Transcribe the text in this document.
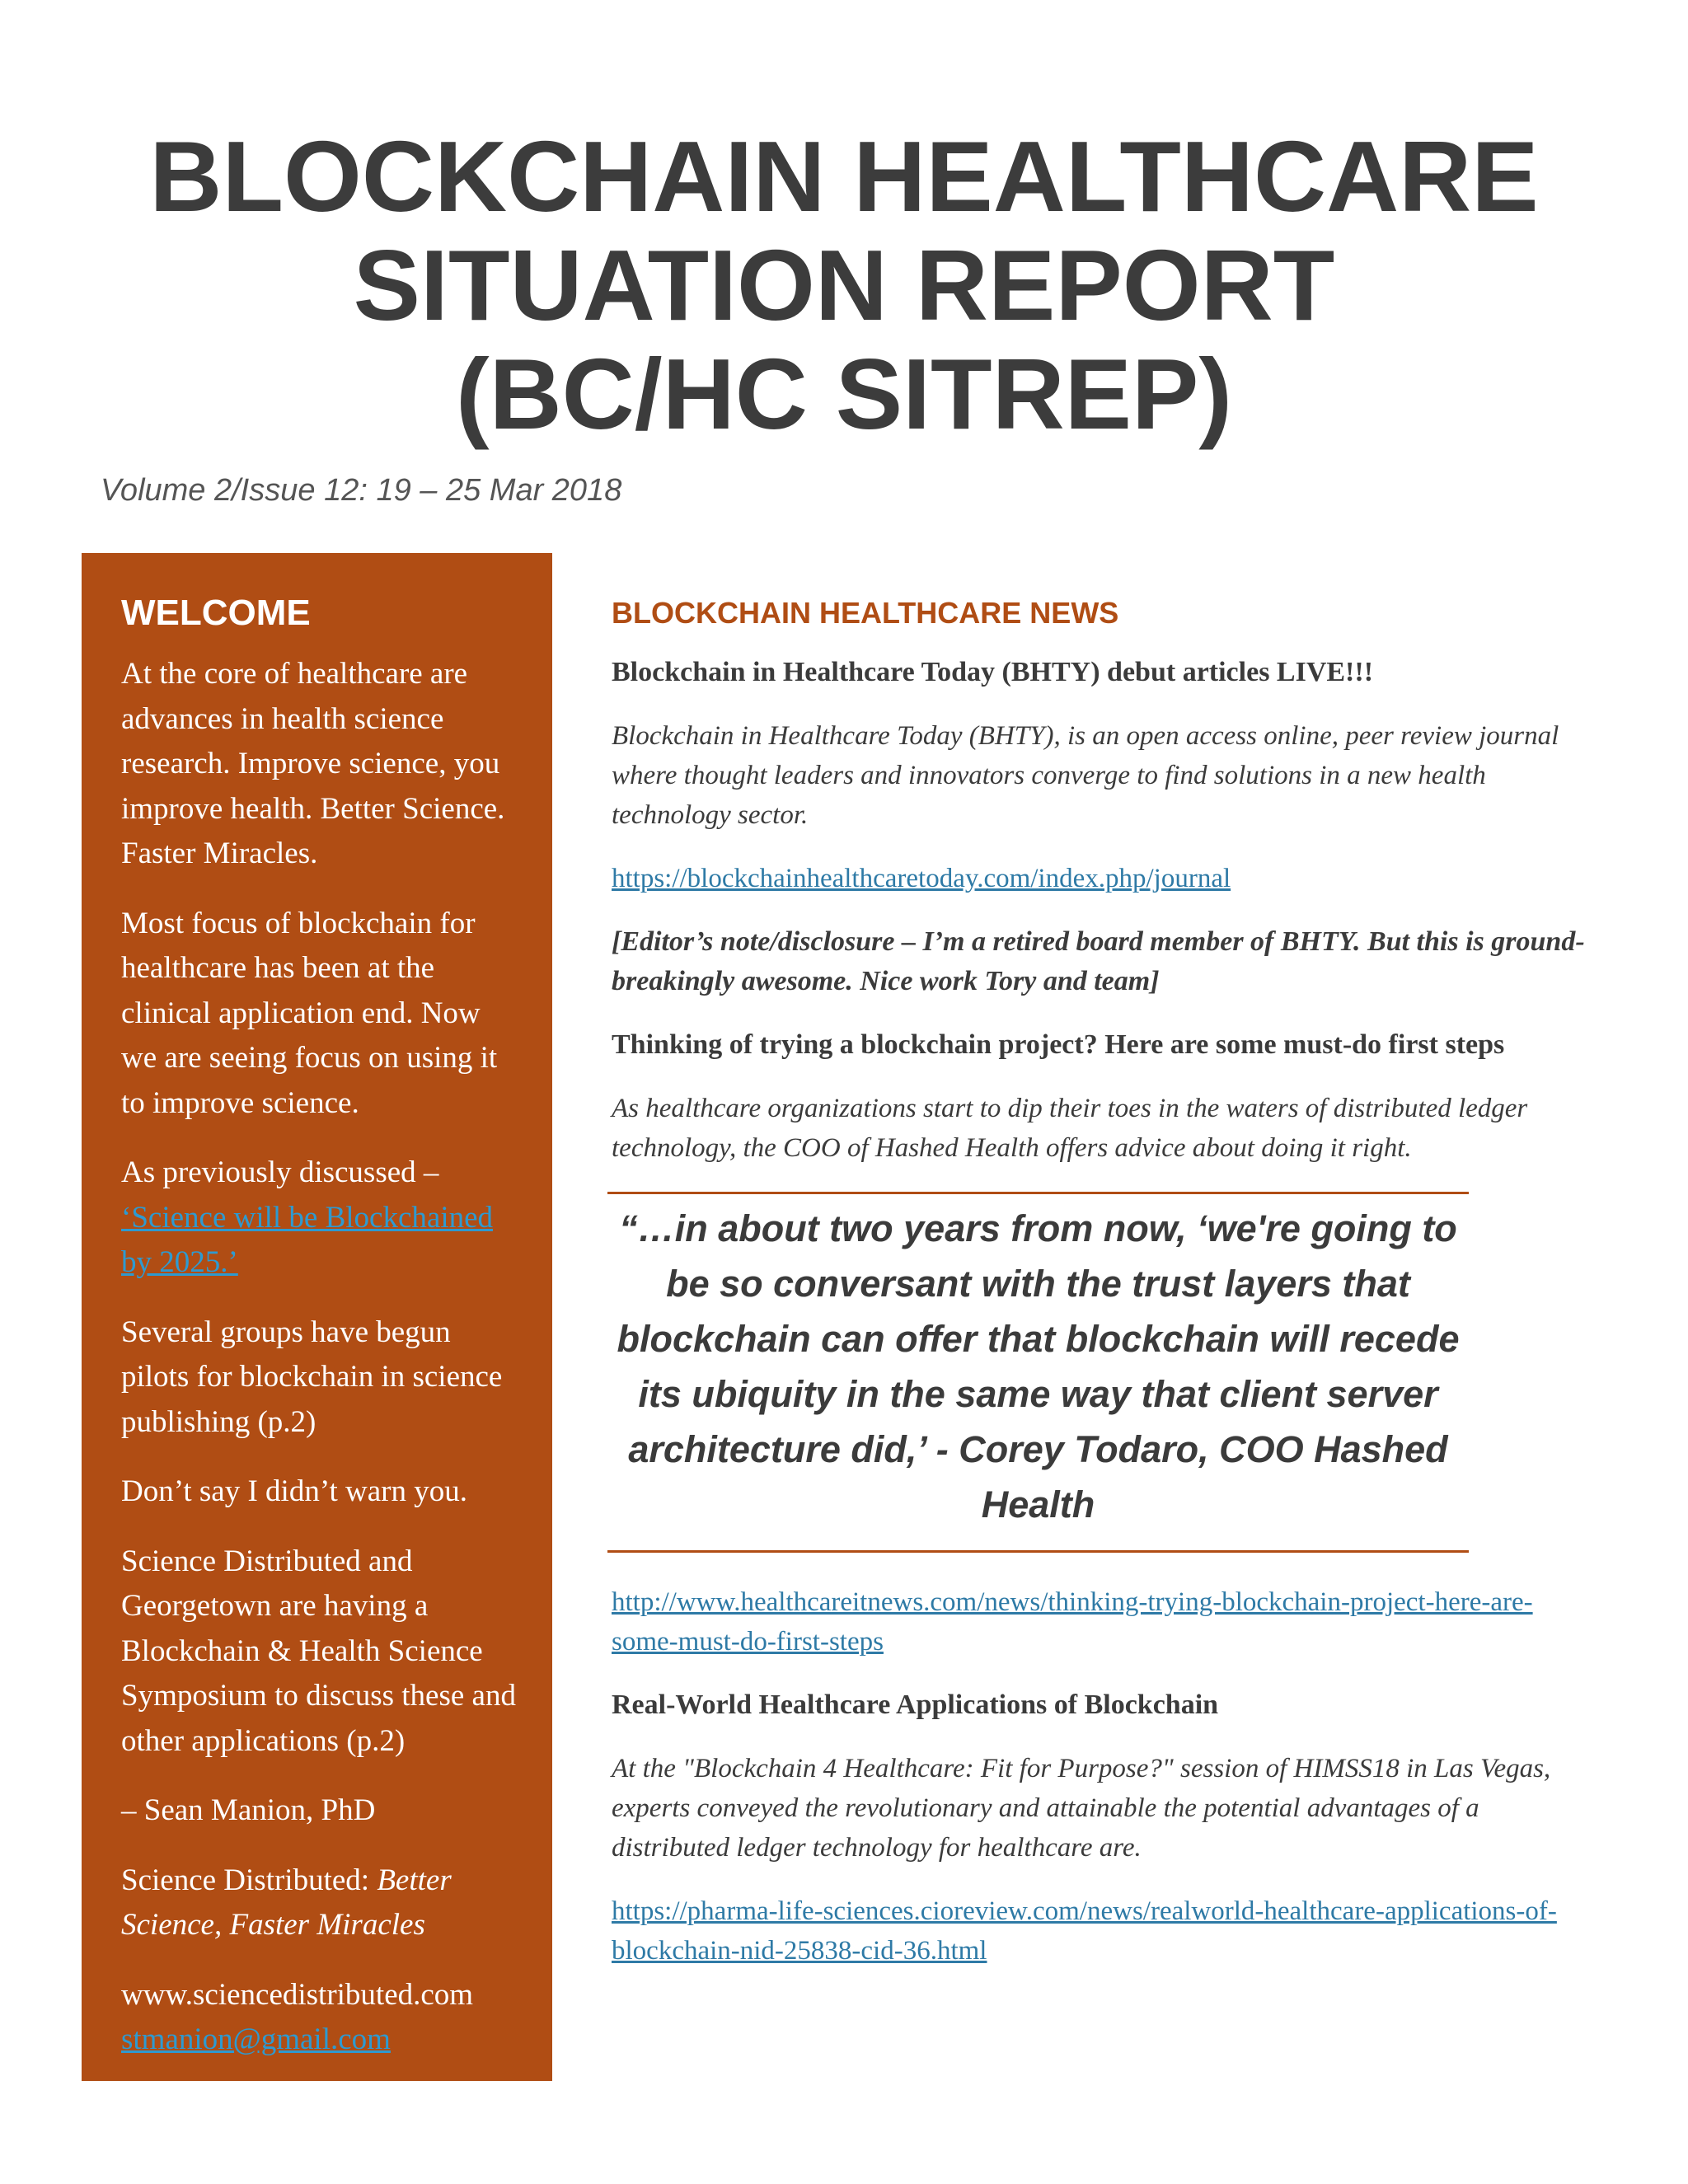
BLOCKCHAIN HEALTHCARE
SITUATION REPORT
(BC/HC SITREP)
Volume 2/Issue 12: 19 – 25 Mar 2018
WELCOME

At the core of healthcare are advances in health science research. Improve science, you improve health. Better Science. Faster Miracles.

Most focus of blockchain for healthcare has been at the clinical application end. Now we are seeing focus on using it to improve science.

As previously discussed – ‘Science will be Blockchained by 2025.’

Several groups have begun pilots for blockchain in science publishing (p.2)

Don’t say I didn’t warn you.

Science Distributed and Georgetown are having a Blockchain & Health Science Symposium to discuss these and other applications (p.2)

– Sean Manion, PhD

Science Distributed: Better Science, Faster Miracles

www.sciencedistributed.com
stmanion@gmail.com

BLOCKCHAIN HEALTHCARE NEWS

Blockchain in Healthcare Today (BHTY) debut articles LIVE!!!

Blockchain in Healthcare Today (BHTY), is an open access online, peer review journal where thought leaders and innovators converge to find solutions in a new health technology sector.

https://blockchainhealthcaretoday.com/index.php/journal

[Editor’s note/disclosure – I’m a retired board member of BHTY. But this is ground-breakingly awesome. Nice work Tory and team]

Thinking of trying a blockchain project? Here are some must-do first steps

As healthcare organizations start to dip their toes in the waters of distributed ledger technology, the COO of Hashed Health offers advice about doing it right.

“…in about two years from now, ‘we're going to be so conversant with the trust layers that blockchain can offer that blockchain will recede its ubiquity in the same way that client server architecture did,’ - Corey Todaro, COO Hashed Health

http://www.healthcareitnews.com/news/thinking-trying-blockchain-project-here-are-some-must-do-first-steps

Real-World Healthcare Applications of Blockchain

At the "Blockchain 4 Healthcare: Fit for Purpose?" session of HIMSS18 in Las Vegas, experts conveyed the revolutionary and attainable the potential advantages of a distributed ledger technology for healthcare are.

https://pharma-life-sciences.cioreview.com/news/realworld-healthcare-applications-of-blockchain-nid-25838-cid-36.html
